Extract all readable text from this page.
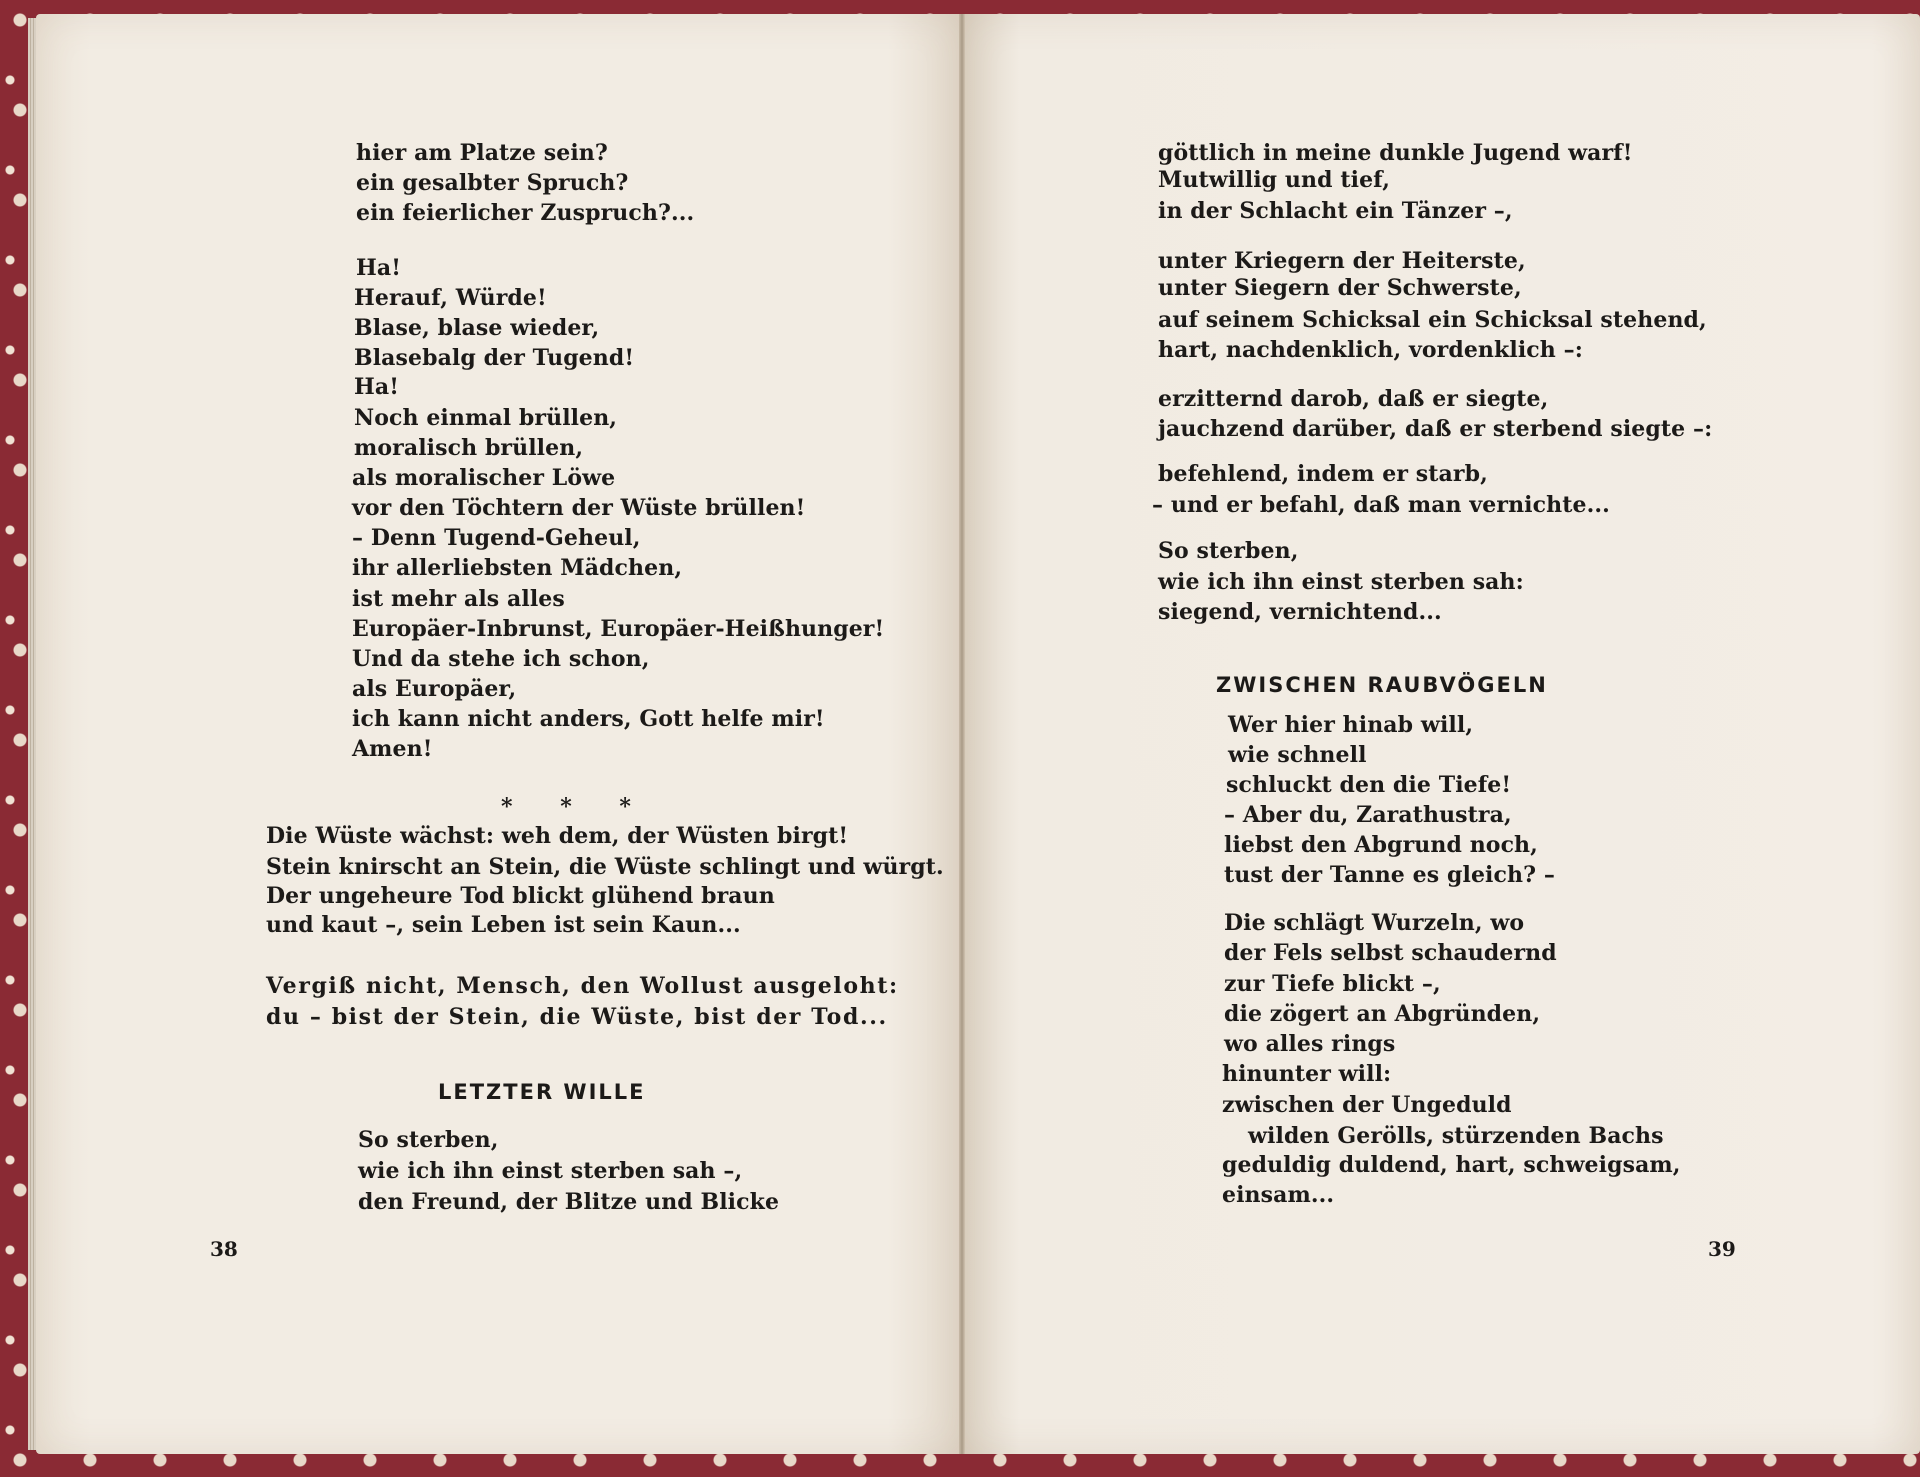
hier am Platze sein?
ein gesalbter Spruch?
ein feierlicher Zuspruch?...
Ha!
Herauf, Würde!
Blase, blase wieder,
Blasebalg der Tugend!
Ha!
Noch einmal brüllen,
moralisch brüllen,
als moralischer Löwe
vor den Töchtern der Wüste brüllen!
– Denn Tugend-Geheul,
ihr allerliebsten Mädchen,
ist mehr als alles
Europäer-Inbrunst, Europäer-Heißhunger!
Und da stehe ich schon,
als Europäer,
ich kann nicht anders, Gott helfe mir!
Amen!

* * *

Die Wüste wächst: weh dem, der Wüsten birgt!
Stein knirscht an Stein, die Wüste schlingt und würgt.
Der ungeheure Tod blickt glühend braun
und kaut –, sein Leben ist sein Kaun...
Vergiß nicht, Mensch, den Wollust ausgeloht:
du – bist der Stein, die Wüste, bist der Tod...
LETZTER WILLE
So sterben,
wie ich ihn einst sterben sah –,
den Freund, der Blitze und Blicke
38
göttlich in meine dunkle Jugend warf!
Mutwillig und tief,
in der Schlacht ein Tänzer –,
unter Kriegern der Heiterste,
unter Siegern der Schwerste,
auf seinem Schicksal ein Schicksal stehend,
hart, nachdenklich, vordenklich –:
erzitternd darob, daß er siegte,
jauchzend darüber, daß er sterbend siegte –:
befehlend, indem er starb,
– und er befahl, daß man vernichte...
So sterben,
wie ich ihn einst sterben sah:
siegend, vernichtend...
ZWISCHEN RAUBVÖGELN
Wer hier hinab will,
wie schnell
schluckt den die Tiefe!
– Aber du, Zarathustra,
liebst den Abgrund noch,
tust der Tanne es gleich? –
Die schlägt Wurzeln, wo
der Fels selbst schaudernd
zur Tiefe blickt –,
die zögert an Abgründen,
wo alles rings
hinunter will:
zwischen der Ungeduld
wilden Gerölls, stürzenden Bachs
geduldig duldend, hart, schweigsam,
einsam...
39
